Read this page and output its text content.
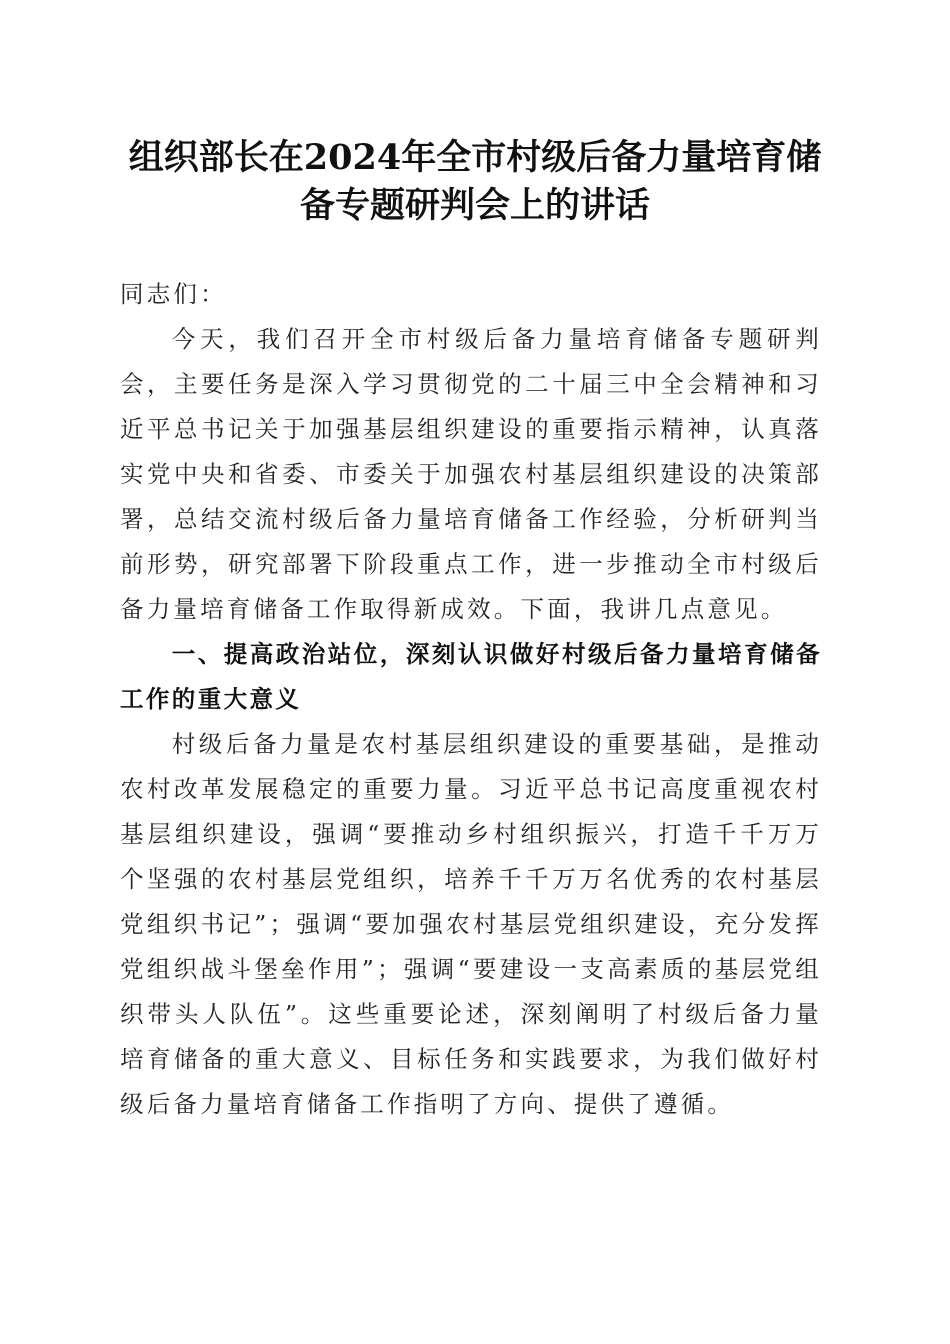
组织部长在2024年全市村级后备力量培育储
备专题研判会上的讲话

同志们：

今天，我们召开全市村级后备力量培育储备专题研判会，主要任务是深入学习贯彻党的二十届三中全会精神和习近平总书记关于加强基层组织建设的重要指示精神，认真落实党中央和省委、市委关于加强农村基层组织建设的决策部署，总结交流村级后备力量培育储备工作经验，分析研判当前形势，研究部署下阶段重点工作，进一步推动全市村级后备力量培育储备工作取得新成效。下面，我讲几点意见。

一、提高政治站位，深刻认识做好村级后备力量培育储备工作的重大意义

村级后备力量是农村基层组织建设的重要基础，是推动农村改革发展稳定的重要力量。习近平总书记高度重视农村基层组织建设，强调“要推动乡村组织振兴，打造千千万万个坚强的农村基层党组织，培养千千万万名优秀的农村基层党组织书记”；强调“要加强农村基层党组织建设，充分发挥党组织战斗堡垒作用”；强调“要建设一支高素质的基层党组织带头人队伍”。这些重要论述，深刻阐明了村级后备力量培育储备的重大意义、目标任务和实践要求，为我们做好村级后备力量培育储备工作指明了方向、提供了遵循。
